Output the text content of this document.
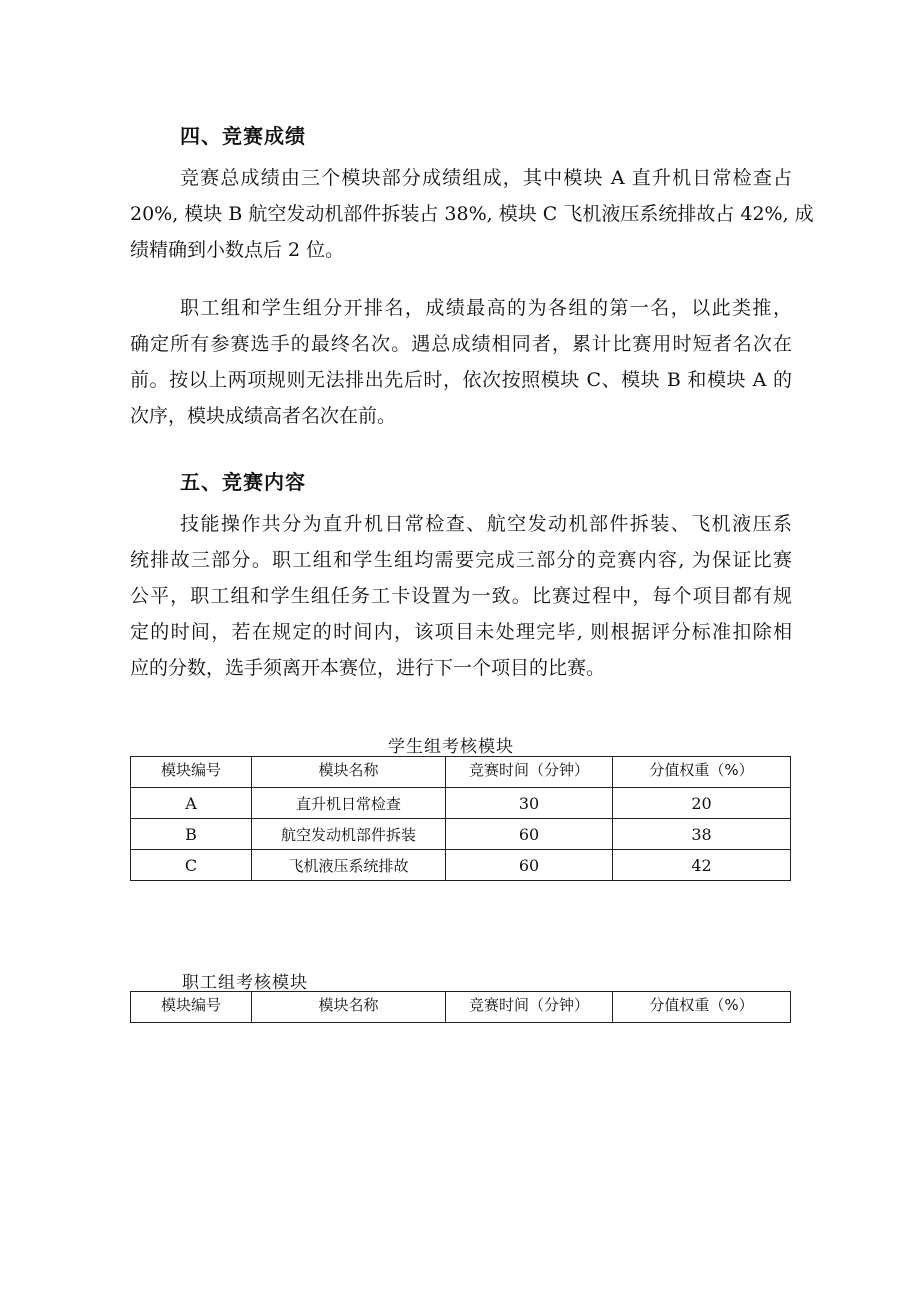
四、竞赛成绩
竞赛总成绩由三个模块部分成绩组成，其中模块 A 直升机日常检查占
20%, 模块 B 航空发动机部件拆装占 38%, 模块 C 飞机液压系统排故占 42%, 成
绩精确到小数点后 2 位。
职工组和学生组分开排名，成绩最高的为各组的第一名，以此类推，
确定所有参赛选手的最终名次。遇总成绩相同者，累计比赛用时短者名次在
前。按以上两项规则无法排出先后时，依次按照模块 C、模块 B 和模块 A 的
次序，模块成绩高者名次在前。
五、竞赛内容
技能操作共分为直升机日常检查、航空发动机部件拆装、飞机液压系
统排故三部分。职工组和学生组均需要完成三部分的竞赛内容, 为保证比赛
公平，职工组和学生组任务工卡设置为一致。比赛过程中，每个项目都有规
定的时间，若在规定的时间内，该项目未处理完毕, 则根据评分标准扣除相
应的分数，选手须离开本赛位，进行下一个项目的比赛。
学生组考核模块
模块编号	模块名称	竞赛时间（分钟）	分值权重（%）
A	直升机日常检查	30	20
B	航空发动机部件拆装	60	38
C	飞机液压系统排故	60	42
职工组考核模块
模块编号	模块名称	竞赛时间（分钟）	分值权重（%）
